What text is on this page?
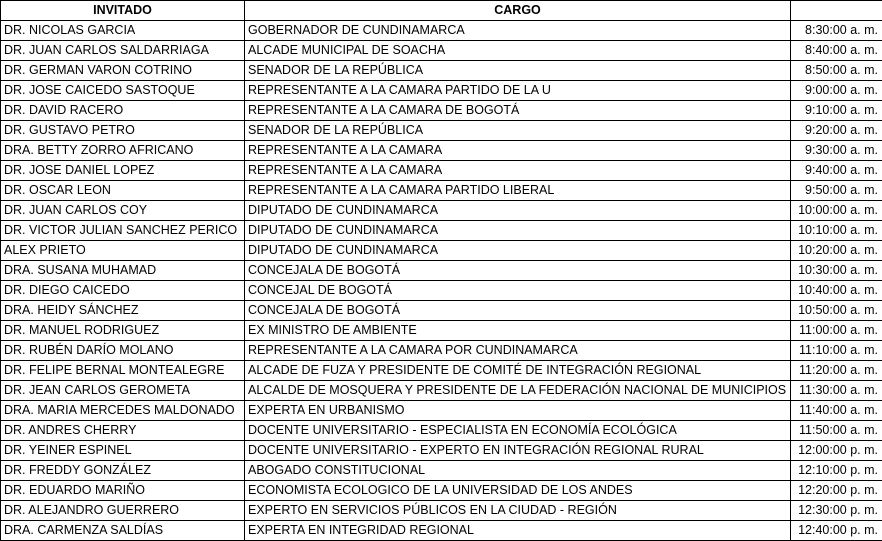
INVITADO	CARGO	
DR. NICOLAS GARCIA	GOBERNADOR DE CUNDINAMARCA	8:30:00 a. m.
DR. JUAN CARLOS SALDARRIAGA	ALCADE MUNICIPAL DE SOACHA	8:40:00 a. m.
DR. GERMAN VARON COTRINO	SENADOR DE LA REPÚBLICA	8:50:00 a. m.
DR. JOSE CAICEDO SASTOQUE	REPRESENTANTE A LA CAMARA PARTIDO DE LA U	9:00:00 a. m.
DR. DAVID RACERO	REPRESENTANTE A LA CAMARA DE BOGOTÁ	9:10:00 a. m.
DR. GUSTAVO PETRO	SENADOR DE LA REPÚBLICA	9:20:00 a. m.
DRA. BETTY ZORRO AFRICANO	REPRESENTANTE A LA CAMARA	9:30:00 a. m.
DR. JOSE DANIEL LOPEZ	REPRESENTANTE A LA CAMARA	9:40:00 a. m.
DR. OSCAR LEON	REPRESENTANTE A LA CAMARA PARTIDO LIBERAL	9:50:00 a. m.
DR. JUAN CARLOS COY	DIPUTADO DE CUNDINAMARCA	10:00:00 a. m.
DR. VICTOR JULIAN SANCHEZ PERICO	DIPUTADO DE CUNDINAMARCA	10:10:00 a. m.
ALEX PRIETO	DIPUTADO DE CUNDINAMARCA	10:20:00 a. m.
DRA. SUSANA MUHAMAD	CONCEJALA DE BOGOTÁ	10:30:00 a. m.
DR. DIEGO CAICEDO	CONCEJAL DE BOGOTÁ	10:40:00 a. m.
DRA. HEIDY SÁNCHEZ	CONCEJALA DE BOGOTÁ	10:50:00 a. m.
DR. MANUEL RODRIGUEZ	EX MINISTRO DE AMBIENTE	11:00:00 a. m.
DR. RUBÉN DARÍO MOLANO	REPRESENTANTE A LA CAMARA POR CUNDINAMARCA	11:10:00 a. m.
DR. FELIPE BERNAL MONTEALEGRE	ALCADE DE FUZA Y PRESIDENTE DE COMITÉ DE INTEGRACIÓN REGIONAL	11:20:00 a. m.
DR. JEAN CARLOS GEROMETA	ALCALDE DE MOSQUERA Y PRESIDENTE DE LA FEDERACIÓN NACIONAL DE MUNICIPIOS	11:30:00 a. m.
DRA. MARIA MERCEDES MALDONADO	EXPERTA EN URBANISMO	11:40:00 a. m.
DR. ANDRES CHERRY	DOCENTE UNIVERSITARIO - ESPECIALISTA EN ECONOMÍA ECOLÓGICA	11:50:00 a. m.
DR. YEINER ESPINEL	DOCENTE UNIVERSITARIO - EXPERTO EN INTEGRACIÓN REGIONAL RURAL	12:00:00 p. m.
DR. FREDDY GONZÁLEZ	ABOGADO CONSTITUCIONAL	12:10:00 p. m.
DR. EDUARDO MARIÑO	ECONOMISTA ECOLOGICO DE LA UNIVERSIDAD DE LOS ANDES	12:20:00 p. m.
DR. ALEJANDRO GUERRERO	EXPERTO EN SERVICIOS PÚBLICOS EN LA CIUDAD - REGIÓN	12:30:00 p. m.
DRA. CARMENZA SALDÍAS	EXPERTA EN INTEGRIDAD REGIONAL	12:40:00 p. m.
